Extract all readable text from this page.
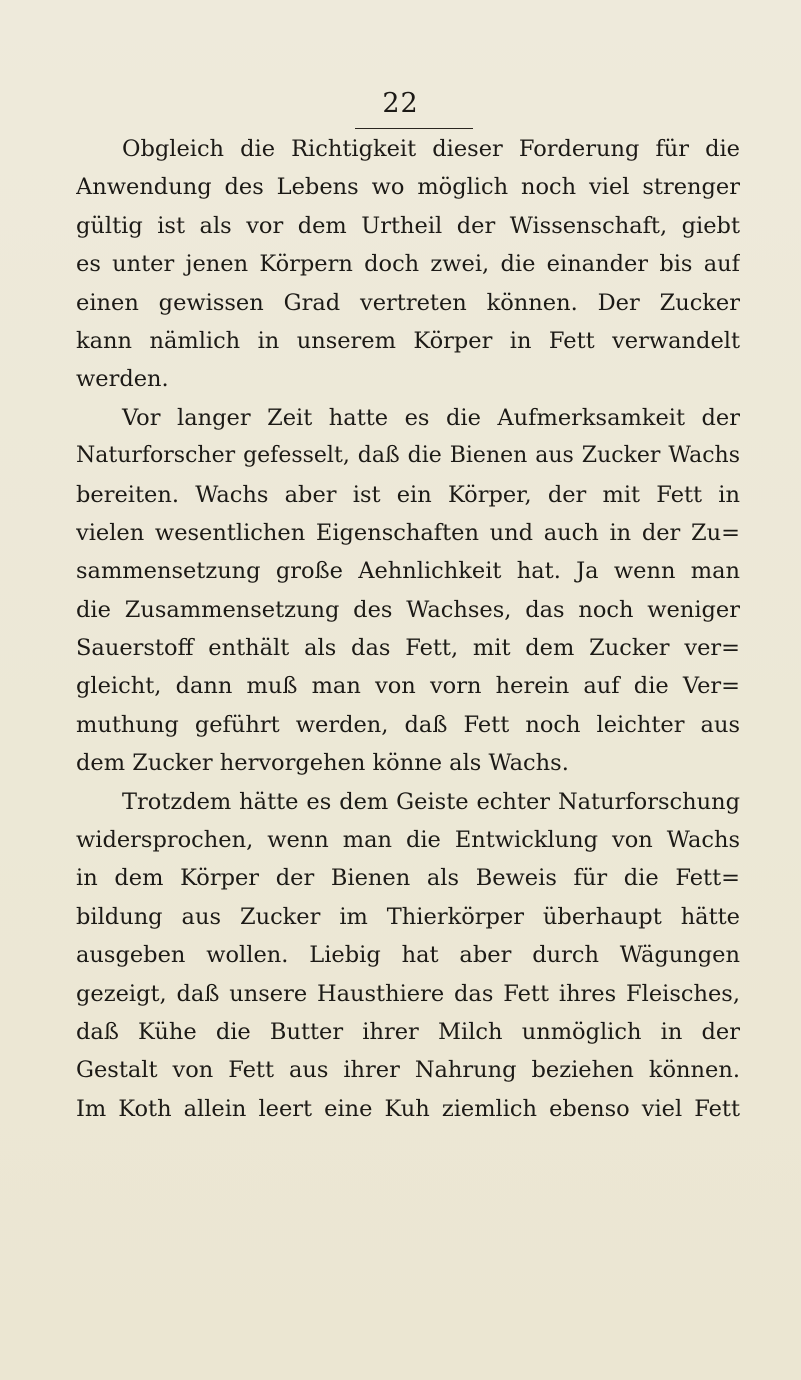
22
Obgleich die Richtigkeit dieser Forderung für die
Anwendung des Lebens wo möglich noch viel strenger
gültig ist als vor dem Urtheil der Wissenschaft, giebt
es unter jenen Körpern doch zwei, die einander bis auf
einen gewissen Grad vertreten können. Der Zucker
kann nämlich in unserem Körper in Fett verwandelt
werden.
Vor langer Zeit hatte es die Aufmerksamkeit der
Naturforscher gefesselt, daß die Bienen aus Zucker Wachs
bereiten. Wachs aber ist ein Körper, der mit Fett in
vielen wesentlichen Eigenschaften und auch in der Zu=
sammensetzung große Aehnlichkeit hat. Ja wenn man
die Zusammensetzung des Wachses, das noch weniger
Sauerstoff enthält als das Fett, mit dem Zucker ver=
gleicht, dann muß man von vorn herein auf die Ver=
muthung geführt werden, daß Fett noch leichter aus
dem Zucker hervorgehen könne als Wachs.
Trotzdem hätte es dem Geiste echter Naturforschung
widersprochen, wenn man die Entwicklung von Wachs
in dem Körper der Bienen als Beweis für die Fett=
bildung aus Zucker im Thierkörper überhaupt hätte
ausgeben wollen. Liebig hat aber durch Wägungen
gezeigt, daß unsere Hausthiere das Fett ihres Fleisches,
daß Kühe die Butter ihrer Milch unmöglich in der
Gestalt von Fett aus ihrer Nahrung beziehen können.
Im Koth allein leert eine Kuh ziemlich ebenso viel Fett
